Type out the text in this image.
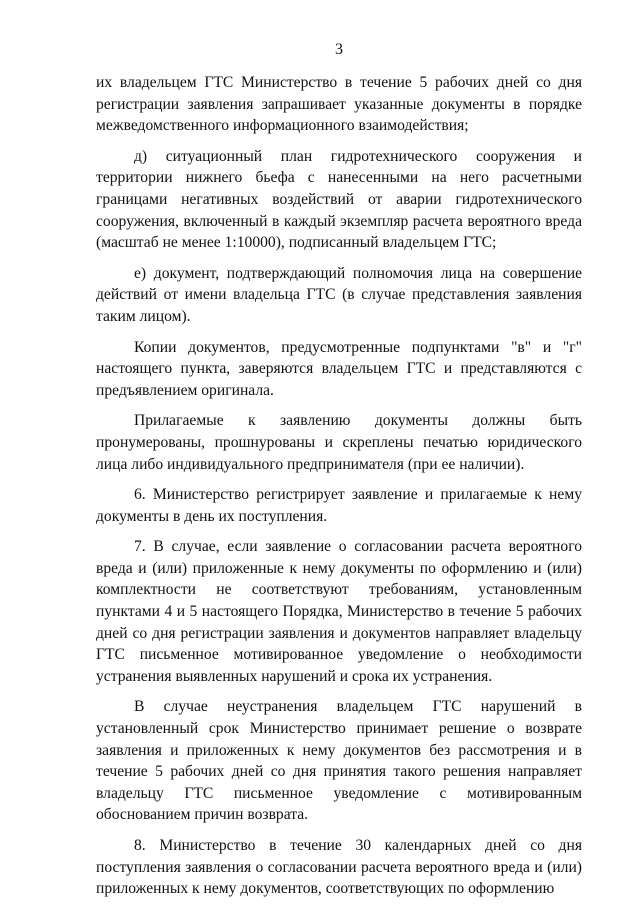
3

их владельцем ГТС Министерство в течение 5 рабочих дней со дня регистрации заявления запрашивает указанные документы в порядке межведомственного информационного взаимодействия;

д) ситуационный план гидротехнического сооружения и территории нижнего бьефа с нанесенными на него расчетными границами негативных воздействий от аварии гидротехнического сооружения, включенный в каждый экземпляр расчета вероятного вреда (масштаб не менее 1:10000), подписанный владельцем ГТС;

е) документ, подтверждающий полномочия лица на совершение действий от имени владельца ГТС (в случае представления заявления таким лицом).

Копии документов, предусмотренные подпунктами "в" и "г" настоящего пункта, заверяются владельцем ГТС и представляются с предъявлением оригинала.

Прилагаемые к заявлению документы должны быть пронумерованы, прошнурованы и скреплены печатью юридического лица либо индивидуального предпринимателя (при ее наличии).

6. Министерство регистрирует заявление и прилагаемые к нему документы в день их поступления.

7. В случае, если заявление о согласовании расчета вероятного вреда и (или) приложенные к нему документы по оформлению и (или) комплектности не соответствуют требованиям, установленным пунктами 4 и 5 настоящего Порядка, Министерство в течение 5 рабочих дней со дня регистрации заявления и документов направляет владельцу ГТС письменное мотивированное уведомление о необходимости устранения выявленных нарушений и срока их устранения.

В случае неустранения владельцем ГТС нарушений в установленный срок Министерство принимает решение о возврате заявления и приложенных к нему документов без рассмотрения и в течение 5 рабочих дней со дня принятия такого решения направляет владельцу ГТС письменное уведомление с мотивированным обоснованием причин возврата.

8. Министерство в течение 30 календарных дней со дня поступления заявления о согласовании расчета вероятного вреда и (или) приложенных к нему документов, соответствующих по оформлению
